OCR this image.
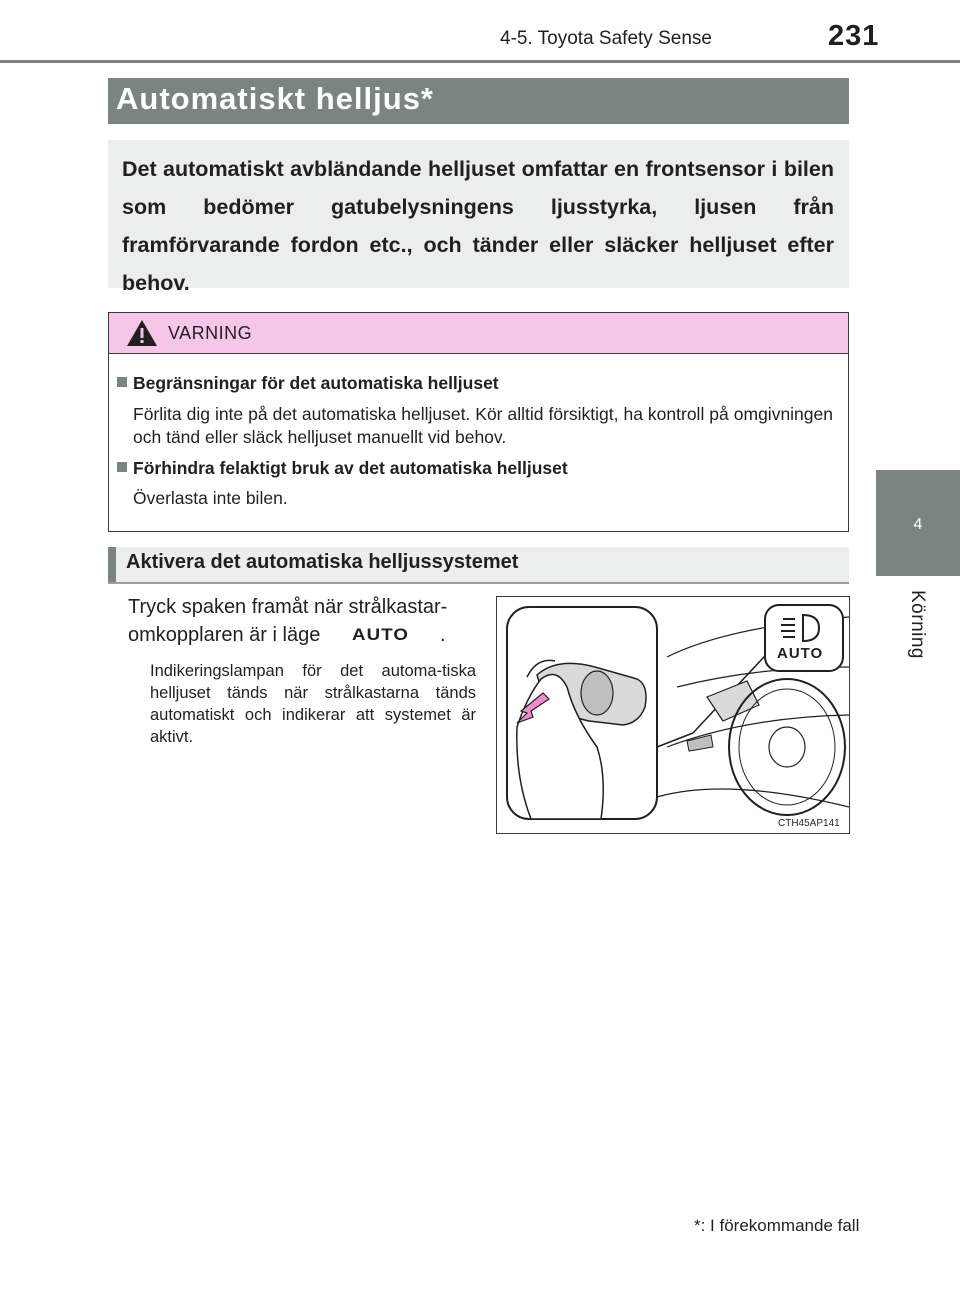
4-5. Toyota Safety Sense	231
4
Körning
Automatiskt helljus*
Det automatiskt avbländande helljuset omfattar en frontsensor i bilen som bedömer gatubelysningens ljusstyrka, ljusen från framförvarande fordon etc., och tänder eller släcker helljuset efter behov.
VARNING
Begränsningar för det automatiska helljuset
Förlita dig inte på det automatiska helljuset. Kör alltid försiktigt, ha kontroll på omgivningen och tänd eller släck helljuset manuellt vid behov.
Förhindra felaktigt bruk av det automatiska helljuset
Överlasta inte bilen.
Aktivera det automatiska helljussystemet
Tryck spaken framåt när strålkastar-
omkopplaren är i läge AUTO .
Indikeringslampan för det automa-tiska helljuset tänds när strålkastarna tänds automatiskt och indikerar att systemet är aktivt.
AUTO
CTH45AP141
*: I förekommande fall
